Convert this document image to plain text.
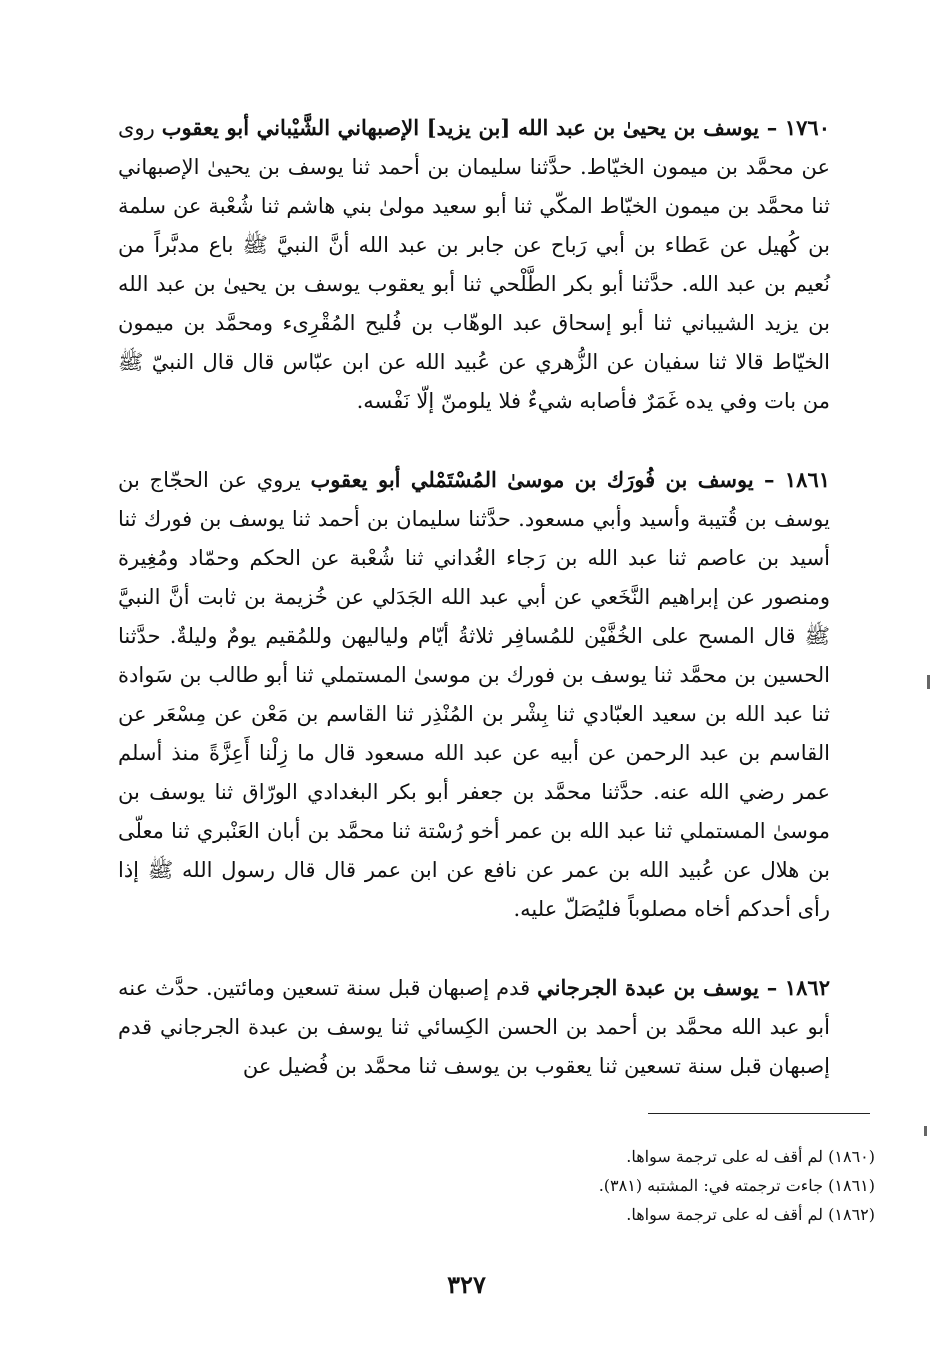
١٧٦٠ – يوسف بن يحيىٰ بن عبد الله [بن يزيد] الإصبهاني الشَّيْباني أبو يعقوب روى عن محمَّد بن ميمون الخيّاط. حدَّثنا سليمان بن أحمد ثنا يوسف بن يحيىٰ الإصبهاني ثنا محمَّد بن ميمون الخيّاط المكّي ثنا أبو سعيد مولىٰ بني هاشم ثنا شُعْبة عن سلمة بن كُهيل عن عَطاء بن أبي رَباح عن جابر بن عبد الله أنَّ النبيَّ ﷺ باع مدبَّراً من نُعيم بن عبد الله. حدَّثنا أبو بكر الطَّلْحي ثنا أبو يعقوب يوسف بن يحيىٰ بن عبد الله بن يزيد الشيباني ثنا أبو إسحاق عبد الوهّاب بن فُليح المُقْرِىء ومحمَّد بن ميمون الخيّاط قالا ثنا سفيان عن الزُّهري عن عُبيد الله عن ابن عبّاس قال قال النبيّ ﷺ من بات وفي يده غَمَرٌ فأصابه شيءٌ فلا يلومنّ إلّا نَفْسه.

١٨٦١ – يوسف بن فُورَك بن موسىٰ المُسْتَمْلي أبو يعقوب يروي عن الحجّاج بن يوسف بن قُتيبة وأسيد وأبي مسعود. حدَّثنا سليمان بن أحمد ثنا يوسف بن فورك ثنا أسيد بن عاصم ثنا عبد الله بن رَجاء الغُداني ثنا شُعْبة عن الحكم وحمّاد ومُغِيرة ومنصور عن إبراهيم النَّخَعي عن أبي عبد الله الجَدَلي عن خُزيمة بن ثابت أنَّ النبيَّ ﷺ قال المسح على الخُفَّيْن للمُسافِر ثلاثةُ أيّام ولياليهن وللمُقيم يومٌ وليلةٌ. حدَّثنا الحسين بن محمَّد ثنا يوسف بن فورك بن موسىٰ المستملي ثنا أبو طالب بن سَوادة ثنا عبد الله بن سعيد العبّادي ثنا بِشْر بن المُنْذِر ثنا القاسم بن مَعْن عن مِسْعَر عن القاسم بن عبد الرحمن عن أبيه عن عبد الله مسعود قال ما زِلْنا أَعِزَّةً منذ أسلم عمر رضي الله عنه. حدَّثنا محمَّد بن جعفر أبو بكر البغدادي الورّاق ثنا يوسف بن موسىٰ المستملي ثنا عبد الله بن عمر أخو رُسْتة ثنا محمَّد بن أبان العَنْبري ثنا معلّى بن هلال عن عُبيد الله بن عمر عن نافع عن ابن عمر قال قال رسول الله ﷺ إذا رأى أحدكم أخاه مصلوباً فليُصَلّ عليه.

١٨٦٢ – يوسف بن عبدة الجرجاني قدم إصبهان قبل سنة تسعين ومائتين. حدَّث عنه أبو عبد الله محمَّد بن أحمد بن الحسن الكِسائي ثنا يوسف بن عبدة الجرجاني قدم إصبهان قبل سنة تسعين ثنا يعقوب بن يوسف ثنا محمَّد بن فُضيل عن

(١٨٦٠) لم أقف له على ترجمة سواها.
(١٨٦١) جاءت ترجمته في: المشتبه (٣٨١).
(١٨٦٢) لم أقف له على ترجمة سواها.
٣٢٧
